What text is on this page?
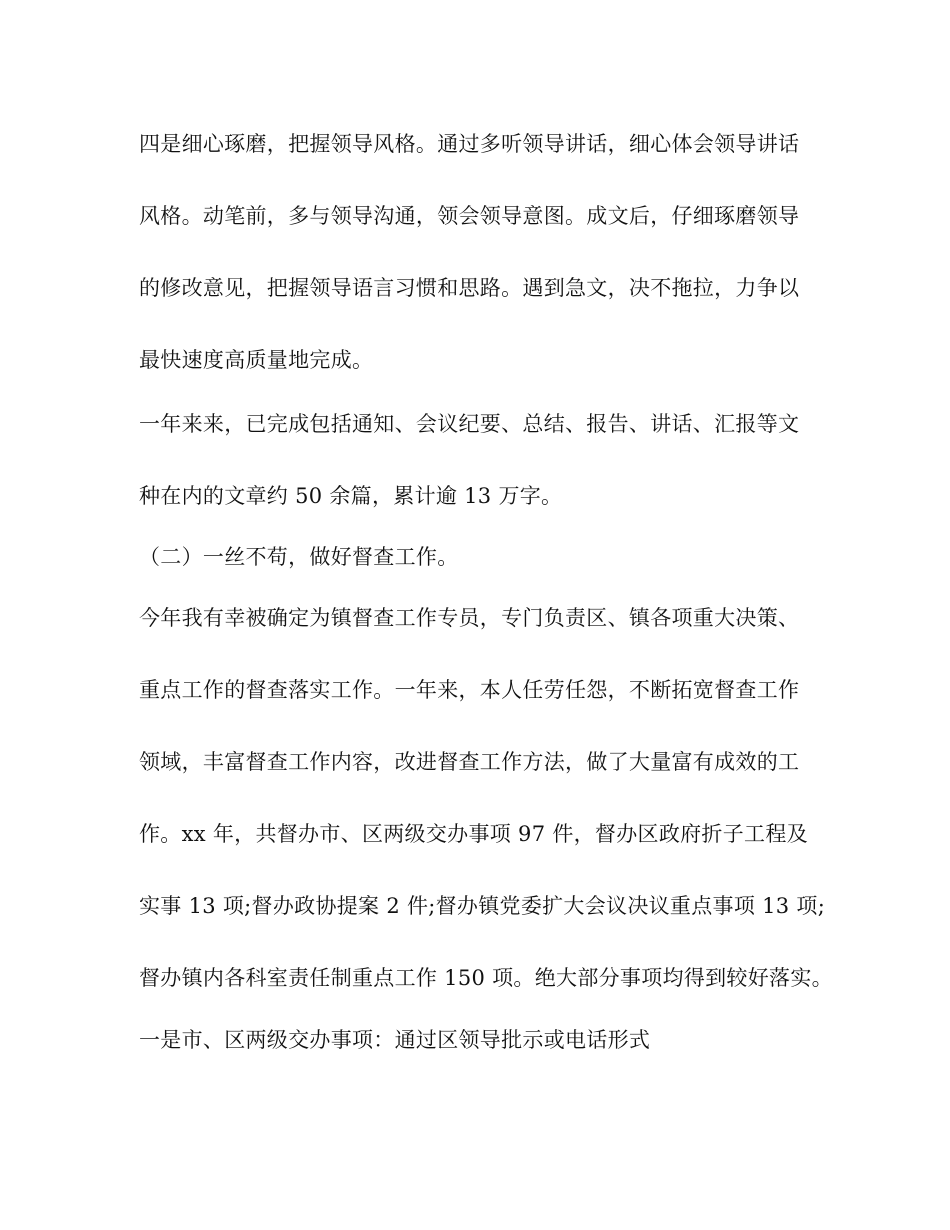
四是细心琢磨，把握领导风格。通过多听领导讲话，细心体会领导讲话
风格。动笔前，多与领导沟通，领会领导意图。成文后，仔细琢磨领导
的修改意见，把握领导语言习惯和思路。遇到急文，决不拖拉，力争以
最快速度高质量地完成。
一年来来，已完成包括通知、会议纪要、总结、报告、讲话、汇报等文
种在内的文章约 50 余篇，累计逾 13 万字。
（二）一丝不苟，做好督查工作。
今年我有幸被确定为镇督查工作专员，专门负责区、镇各项重大决策、
重点工作的督查落实工作。一年来，本人任劳任怨，不断拓宽督查工作
领域，丰富督查工作内容，改进督查工作方法，做了大量富有成效的工
作。xx 年，共督办市、区两级交办事项 97 件，督办区政府折子工程及
实事 13 项;督办政协提案 2 件;督办镇党委扩大会议决议重点事项 13 项;
督办镇内各科室责任制重点工作 150 项。绝大部分事项均得到较好落实。
一是市、区两级交办事项：通过区领导批示或电话形式
